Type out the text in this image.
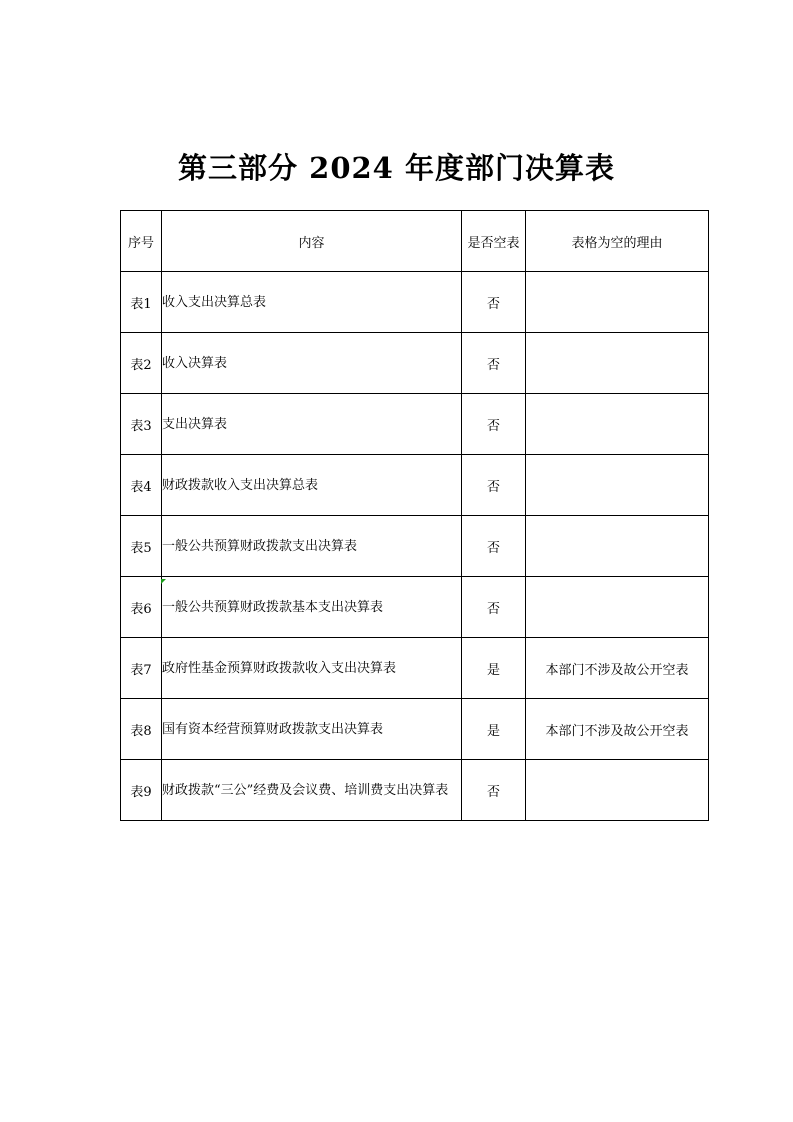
第三部分 2024 年度部门决算表
序号	内容	是否空表	表格为空的理由
表1	收入支出决算总表	否	
表2	收入决算表	否	
表3	支出决算表	否	
表4	财政拨款收入支出决算总表	否	
表5	一般公共预算财政拨款支出决算表	否	
表6	一般公共预算财政拨款基本支出决算表	否	
表7	政府性基金预算财政拨款收入支出决算表	是	本部门不涉及故公开空表
表8	国有资本经营预算财政拨款支出决算表	是	本部门不涉及故公开空表
表9	财政拨款“三公”经费及会议费、培训费支出决算表	否	
